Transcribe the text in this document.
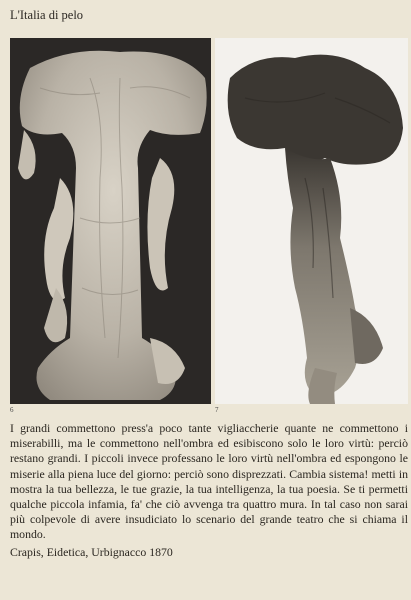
L'Italia di pelo
6	7

I grandi commettono press'a poco tante vigliaccherie quante ne commettono i miserabilli, ma le commettono nell'ombra ed esibiscono solo le loro virtù: perciò restano grandi. I piccoli invece professano le loro virtù nell'ombra ed espongono le miserie alla piena luce del giorno: perciò sono disprezzati. Cambia sistema! metti in mostra la tua bellezza, le tue grazie, la tua intelligenza, la tua poesia. Se ti permetti qualche piccola infamia, fa' che ciò avvenga tra quattro mura. In tal caso non sarai più colpevole di avere insudiciato lo scenario del grande teatro che si chiama il mondo.

Crapis, Eidetica, Urbignacco 1870
